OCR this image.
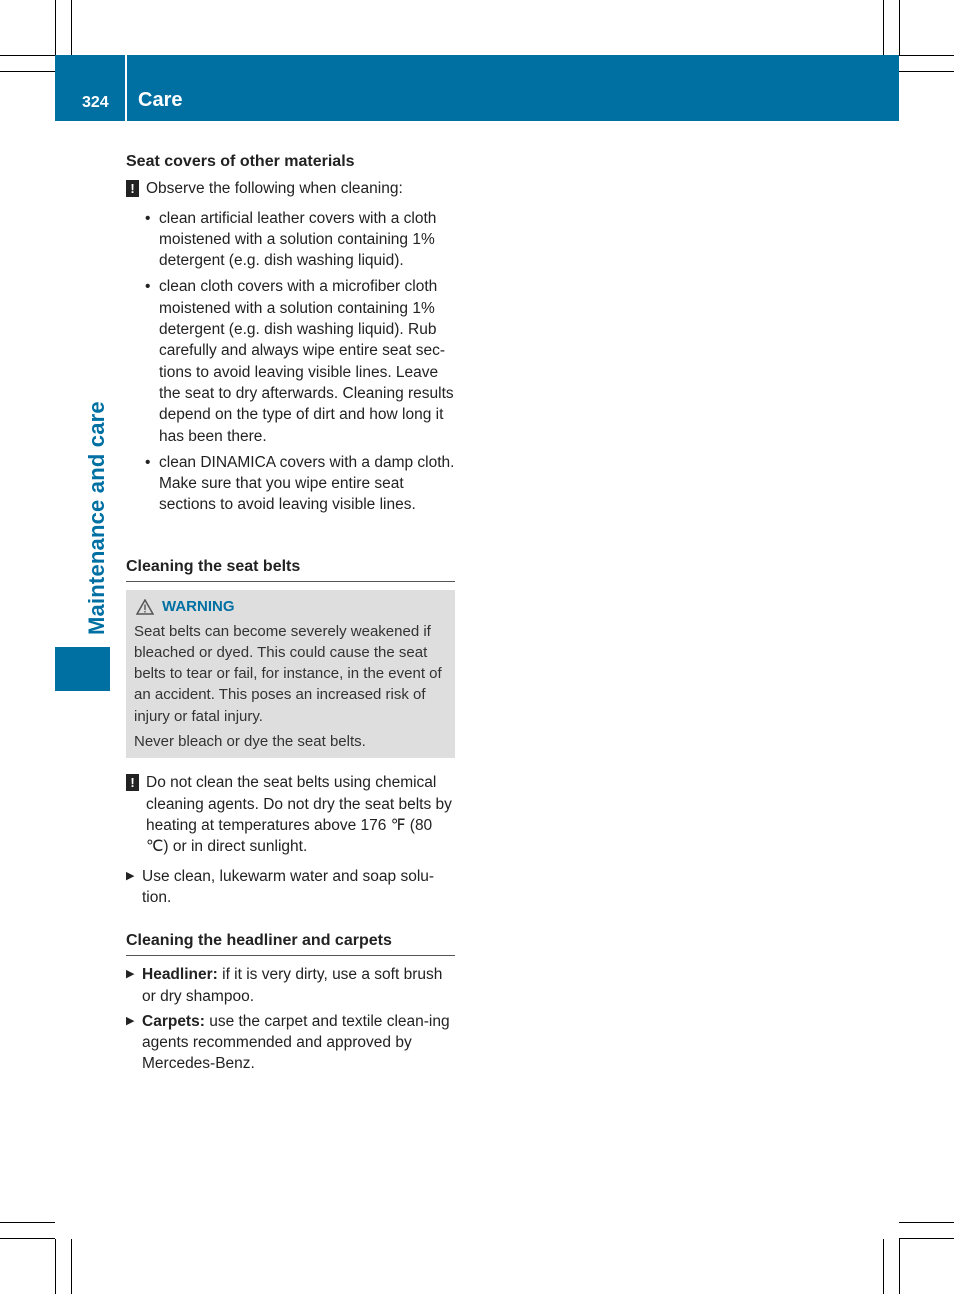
324 Care
Maintenance and care

Seat covers of other materials

! Observe the following when cleaning:
• clean artificial leather covers with a cloth moistened with a solution containing 1% detergent (e.g. dish washing liquid).
• clean cloth covers with a microfiber cloth moistened with a solution containing 1% detergent (e.g. dish washing liquid). Rub carefully and always wipe entire seat sec-tions to avoid leaving visible lines. Leave the seat to dry afterwards. Cleaning results depend on the type of dirt and how long it has been there.
• clean DINAMICA covers with a damp cloth. Make sure that you wipe entire seat sections to avoid leaving visible lines.

Cleaning the seat belts

WARNING
Seat belts can become severely weakened if bleached or dyed. This could cause the seat belts to tear or fail, for instance, in the event of an accident. This poses an increased risk of injury or fatal injury.
Never bleach or dye the seat belts.
! Do not clean the seat belts using chemical cleaning agents. Do not dry the seat belts by heating at temperatures above 176 ℉ (80 ℃) or in direct sunlight.
▶ Use clean, lukewarm water and soap solu-tion.

Cleaning the headliner and carpets

▶ Headliner: if it is very dirty, use a soft brush or dry shampoo.
▶ Carpets: use the carpet and textile clean-ing agents recommended and approved by Mercedes-Benz.
